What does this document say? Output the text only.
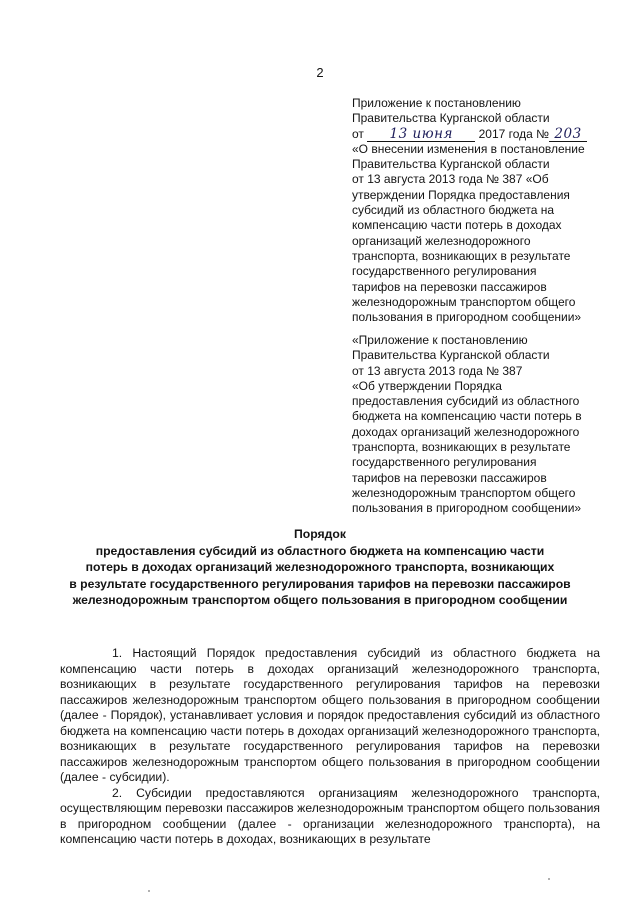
2
Приложение к постановлению
Правительства Курганской области
от 13 июня 2017 года № 203
«О внесении изменения в постановление
Правительства Курганской области
от 13 августа 2013 года № 387 «Об
утверждении Порядка предоставления
субсидий из областного бюджета на
компенсацию части потерь в доходах
организаций железнодорожного
транспорта, возникающих в результате
государственного регулирования
тарифов на перевозки пассажиров
железнодорожным транспортом общего
пользования в пригородном сообщении»
«Приложение к постановлению
Правительства Курганской области
от 13 августа 2013 года № 387
«Об утверждении Порядка
предоставления субсидий из областного
бюджета на компенсацию части потерь в
доходах организаций железнодорожного
транспорта, возникающих в результате
государственного регулирования
тарифов на перевозки пассажиров
железнодорожным транспортом общего
пользования в пригородном сообщении»
Порядок
предоставления субсидий из областного бюджета на компенсацию части
потерь в доходах организаций железнодорожного транспорта, возникающих
в результате государственного регулирования тарифов на перевозки пассажиров
железнодорожным транспортом общего пользования в пригородном сообщении

1. Настоящий Порядок предоставления субсидий из областного бюджета на компенсацию части потерь в доходах организаций железнодорожного транспорта, возникающих в результате государственного регулирования тарифов на перевозки пассажиров железнодорожным транспортом общего пользования в пригородном сообщении (далее - Порядок), устанавливает условия и порядок предоставления субсидий из областного бюджета на компенсацию части потерь в доходах организаций железнодорожного транспорта, возникающих в результате государственного регулирования тарифов на перевозки пассажиров железнодорожным транспортом общего пользования в пригородном сообщении (далее - субсидии).

2. Субсидии предоставляются организациям железнодорожного транспорта, осуществляющим перевозки пассажиров железнодорожным транспортом общего пользования в пригородном сообщении (далее - организации железнодорожного транспорта), на компенсацию части потерь в доходах, возникающих в результате
